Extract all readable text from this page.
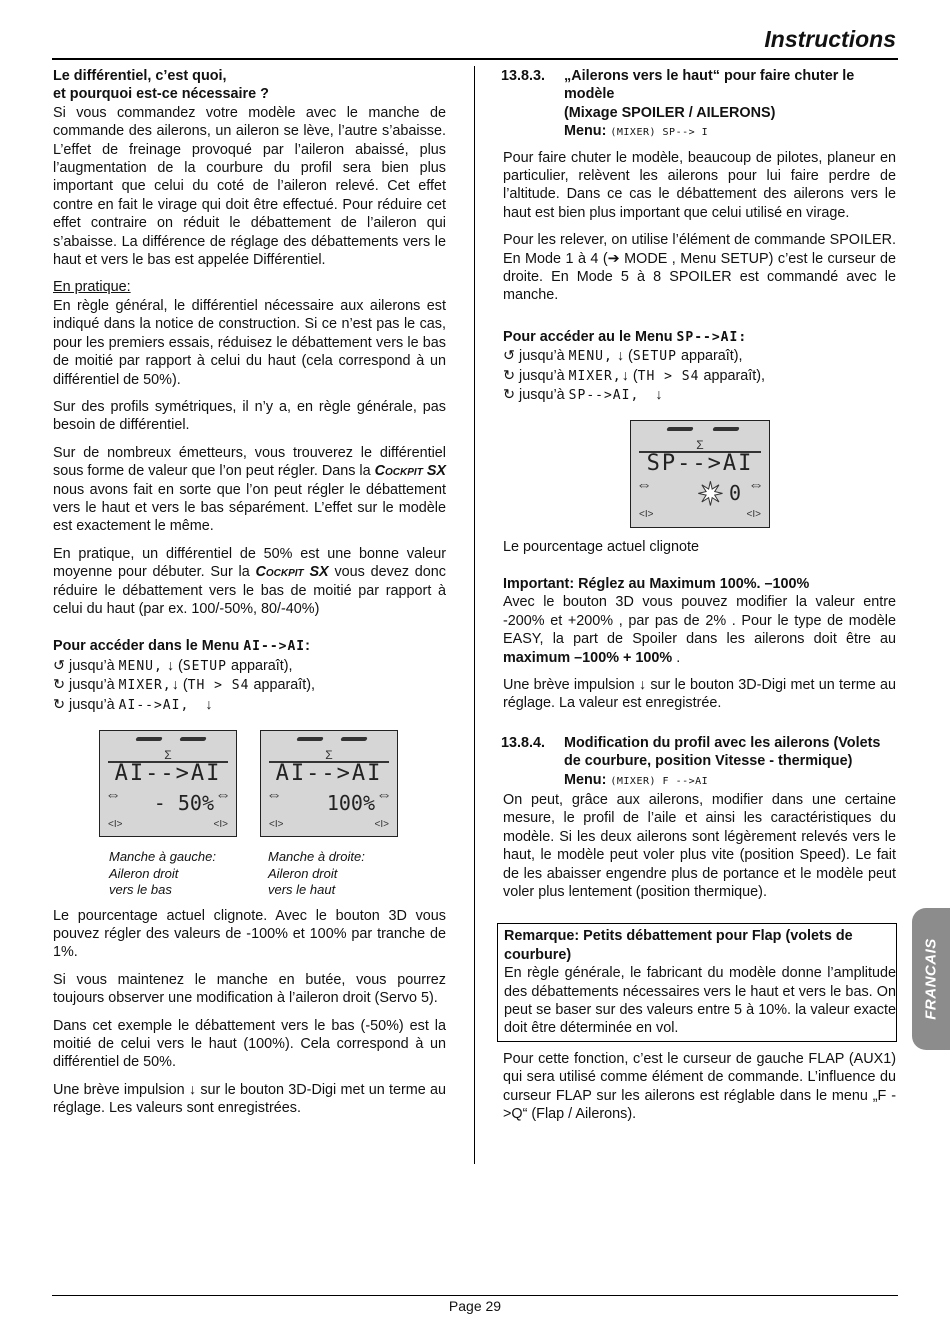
Instructions
Le différentiel, c’est quoi,
et pourquoi est-ce nécessaire ?

Si vous commandez votre modèle avec le manche de commande des ailerons, un aileron se lève, l’autre s’abaisse. L’effet de freinage provoqué par l’aileron abaissé, plus l’augmentation de la courbure du profil sera bien plus important que celui du coté de l’aileron relevé. Cet effet contre en fait le virage qui doit être effectué. Pour réduire cet effet contraire on réduit le débattement de l’aileron qui s’abaisse. La différence de réglage des débattements vers le haut et vers le bas est appelée Différentiel.

En pratique:

En règle général, le différentiel nécessaire aux ailerons est indiqué dans la notice de construction. Si ce n’est pas le cas, pour les premiers essais, réduisez le débattement vers le bas de moitié par rapport à celui du haut (cela correspond à un différentiel de 50%).

Sur des profils symétriques, il n’y a, en règle générale, pas besoin de différentiel.

Sur de nombreux émetteurs, vous trouverez le différentiel sous forme de valeur que l’on peut régler. Dans la Cockpit SX nous avons fait en sorte que l’on peut régler le débattement vers le haut et vers le bas séparément. L’effet sur le modèle est exactement le même.

En pratique, un différentiel de 50% est une bonne valeur moyenne pour débuter. Sur la Cockpit SX vous devez donc réduire le débattement vers le bas de moitié par rapport à celui du haut (par ex. 100/-50%, 80/-40%)

Pour accéder dans le Menu AI-->AI:
↺ jusqu’à MENU, ↓ (SETUP apparaît),
↻ jusqu’à MIXER,↓ (TH > S4 apparaît),
↻ jusqu’à AI-->AI, ↓
Σ
AI-->AI
⇔	⇔
- 50%
<I>	<I>
Manche à gauche:
Aileron droit
vers le bas
Σ
AI-->AI
⇔	⇔
100%
<I>	<I>
Manche à droite:
Aileron droit
vers le haut

Le pourcentage actuel clignote. Avec le bouton 3D vous pouvez régler des valeurs de -100% et 100% par tranche de 1%.

Si vous maintenez le manche en butée, vous pourrez toujours observer une modification à l’aileron droit (Servo 5).

Dans cet exemple le débattement vers le bas (-50%) est la moitié de celui vers le haut (100%). Cela correspond à un différentiel de 50%.

Une brève impulsion ↓ sur le bouton 3D-Digi met un terme au réglage. Les valeurs sont enregistrées.

13.8.3.	„Ailerons vers le haut“ pour faire chuter le modèle
(Mixage SPOILER / AILERONS)
Menu: (MIXER) SP--> I

Pour faire chuter le modèle, beaucoup de pilotes, planeur en particulier, relèvent les ailerons pour lui faire perdre de l’altitude. Dans ce cas le débattement des ailerons vers le haut est bien plus important que celui utilisé en virage.

Pour les relever, on utilise l’élément de commande SPOILER. En Mode 1 à 4 (➔ MODE , Menu SETUP) c’est le curseur de droite. En Mode 5 à 8 SPOILER est commandé avec le manche.

Pour accéder au le Menu SP-->AI:
↺ jusqu’à MENU, ↓ (SETUP apparaît),
↻ jusqu’à MIXER,↓ (TH > S4 apparaît),
↻ jusqu’à SP-->AI, ↓
Σ
SP-->AI
⇔	⇔
✷ 0
<I>	<I>

Le pourcentage actuel clignote

Important: Réglez au Maximum 100%. –100%

Avec le bouton 3D vous pouvez modifier la valeur entre -200% et +200% , par pas de 2% . Pour le type de modèle EASY, la part de Spoiler dans les ailerons doit être au maximum –100% + 100% .

Une brève impulsion ↓ sur le bouton 3D-Digi met un terme au réglage. La valeur est enregistrée.

13.8.4.	Modification du profil avec les ailerons (Volets de courbure, position Vitesse - thermique)
Menu: (MIXER) F -->AI

On peut, grâce aux ailerons, modifier dans une certaine mesure, le profil de l’aile et ainsi les caractéristiques du modèle. Si les deux ailerons sont légèrement relevés vers le haut, le modèle peut voler plus vite (position Speed). Le fait de les abaisser engendre plus de portance et le modèle peut voler plus lentement (position thermique).

Remarque: Petits débattement pour Flap (volets de courbure)

En règle générale, le fabricant du modèle donne l’amplitude des débattements nécessaires vers le haut et vers le bas. On peut se baser sur des valeurs entre 5 à 10%. la valeur exacte doit être déterminée en vol.

Pour cette fonction, c’est le curseur de gauche FLAP (AUX1) qui sera utilisé comme élément de commande. L’influence du curseur FLAP sur les ailerons est réglable dans le menu „F ->Q“ (Flap / Ailerons).

FRANCAIS
Page 29
